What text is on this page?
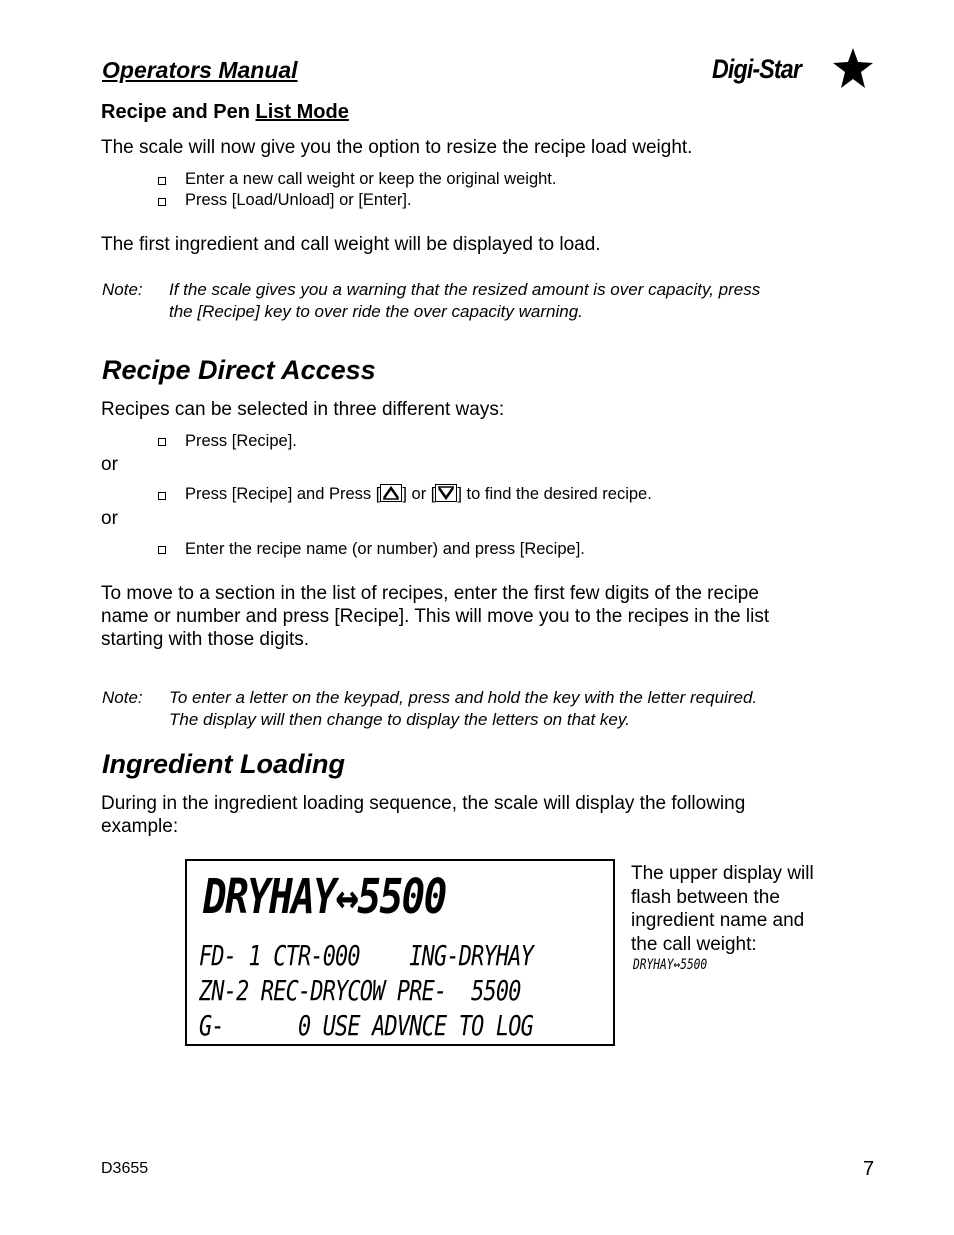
Operators Manual	Digi-Star
Recipe and Pen List Mode
The scale will now give you the option to resize the recipe load weight.
Enter a new call weight or keep the original weight.
Press [Load/Unload] or [Enter].
The first ingredient and call weight will be displayed to load.
Note: If the scale gives you a warning that the resized amount is over capacity, press
the [Recipe] key to over ride the over capacity warning.
Recipe Direct Access
Recipes can be selected in three different ways:
Press [Recipe].
or
Press [Recipe] and Press [ ] or [ ] to find the desired recipe.
or
Enter the recipe name (or number) and press [Recipe].
To move to a section in the list of recipes, enter the first few digits of the recipe
name or number and press [Recipe]. This will move you to the recipes in the list
starting with those digits.
Note: To enter a letter on the keypad, press and hold the key with the letter required.
The display will then change to display the letters on that key.
Ingredient Loading
During in the ingredient loading sequence, the scale will display the following
example:
DRYHAY↔5500
FD- 1 CTR-000    ING-DRYHAY
ZN-2 REC-DRYCOW PRE-  5500
G-      0 USE ADVNCE TO LOG
The upper display will
flash between the
ingredient name and
the call weight:
DRYHAY↔5500
D3655	7
